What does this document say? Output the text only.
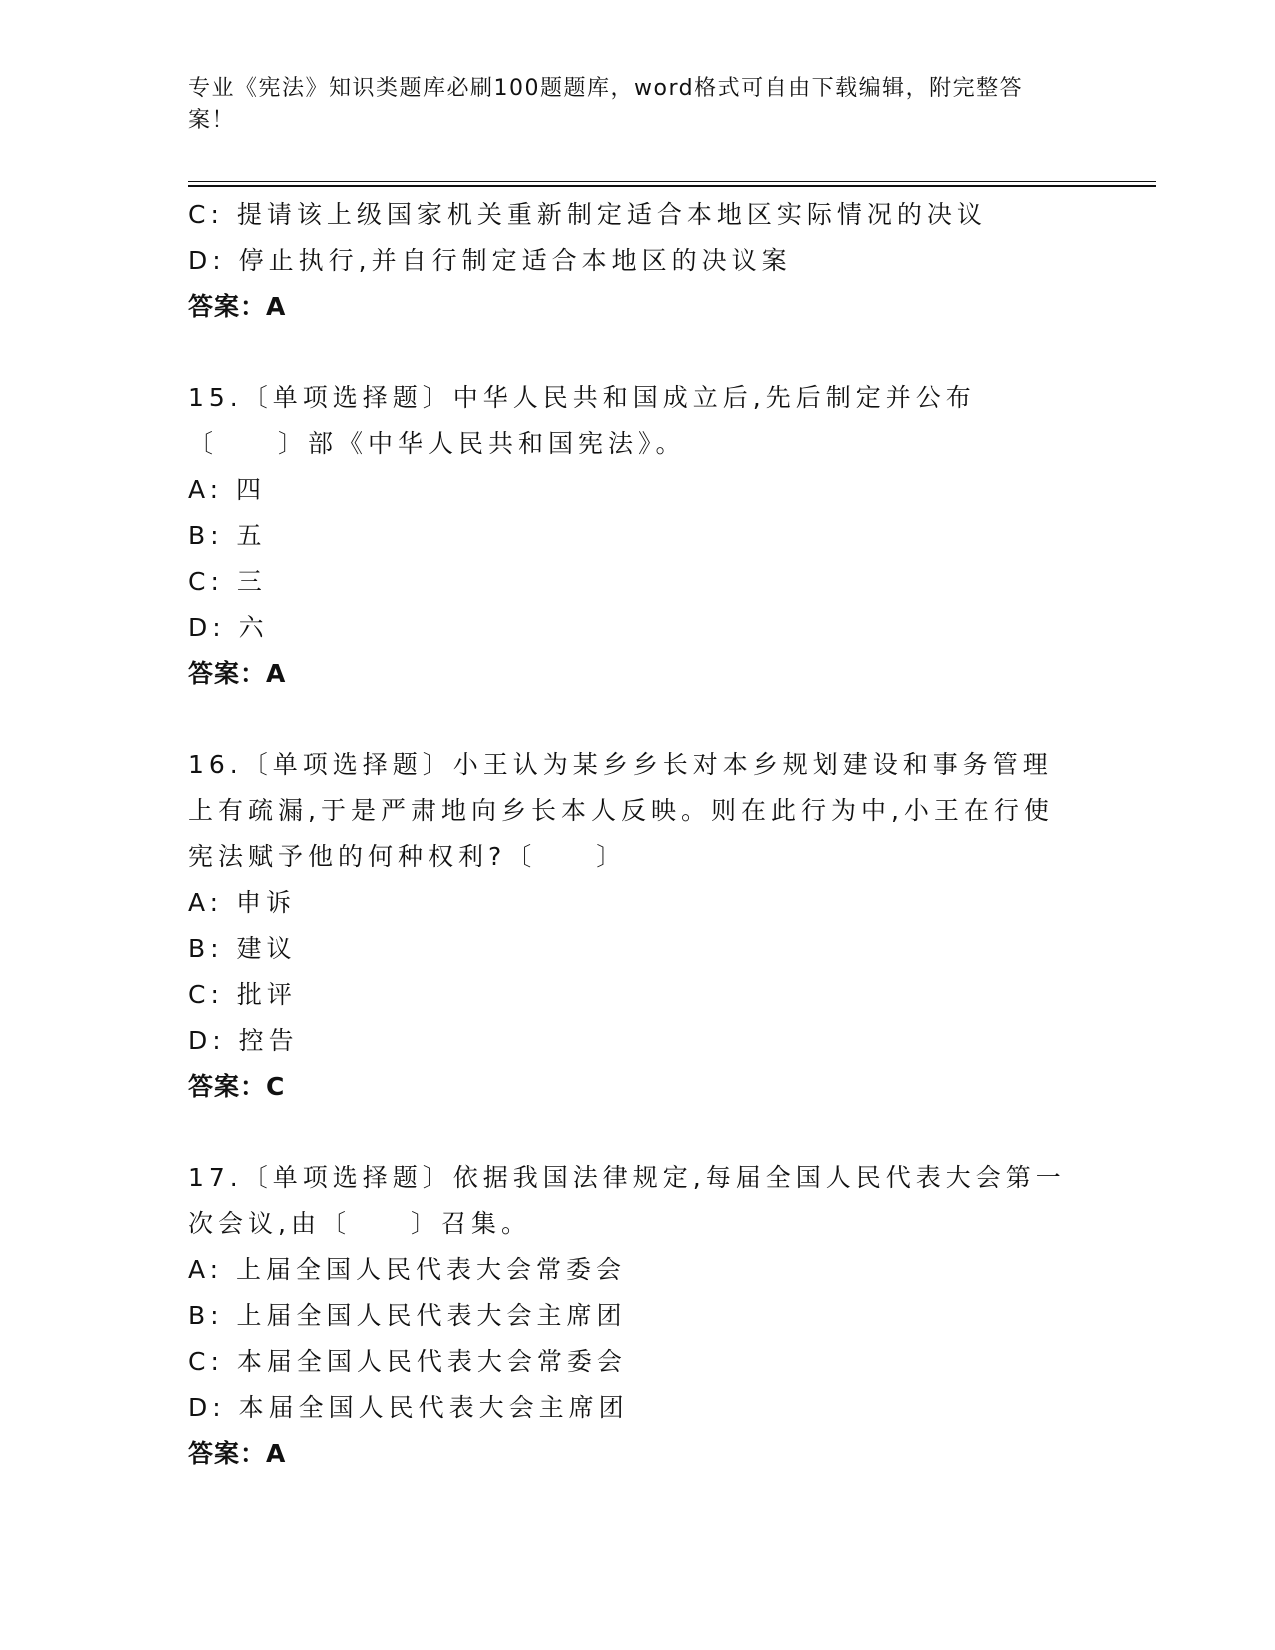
专业《宪法》知识类题库必刷100题题库，word格式可自由下载编辑，附完整答案！
C: 提请该上级国家机关重新制定适合本地区实际情况的决议
D: 停止执行,并自行制定适合本地区的决议案
答案：A
15.〔单项选择题〕中华人民共和国成立后,先后制定并公布〔　　〕部《中华人民共和国宪法》。
A: 四
B: 五
C: 三
D: 六
答案：A
16.〔单项选择题〕小王认为某乡乡长对本乡规划建设和事务管理上有疏漏,于是严肃地向乡长本人反映。则在此行为中,小王在行使宪法赋予他的何种权利?〔　　〕
A: 申诉
B: 建议
C: 批评
D: 控告
答案：C
17.〔单项选择题〕依据我国法律规定,每届全国人民代表大会第一次会议,由〔　　〕召集。
A: 上届全国人民代表大会常委会
B: 上届全国人民代表大会主席团
C: 本届全国人民代表大会常委会
D: 本届全国人民代表大会主席团
答案：A
